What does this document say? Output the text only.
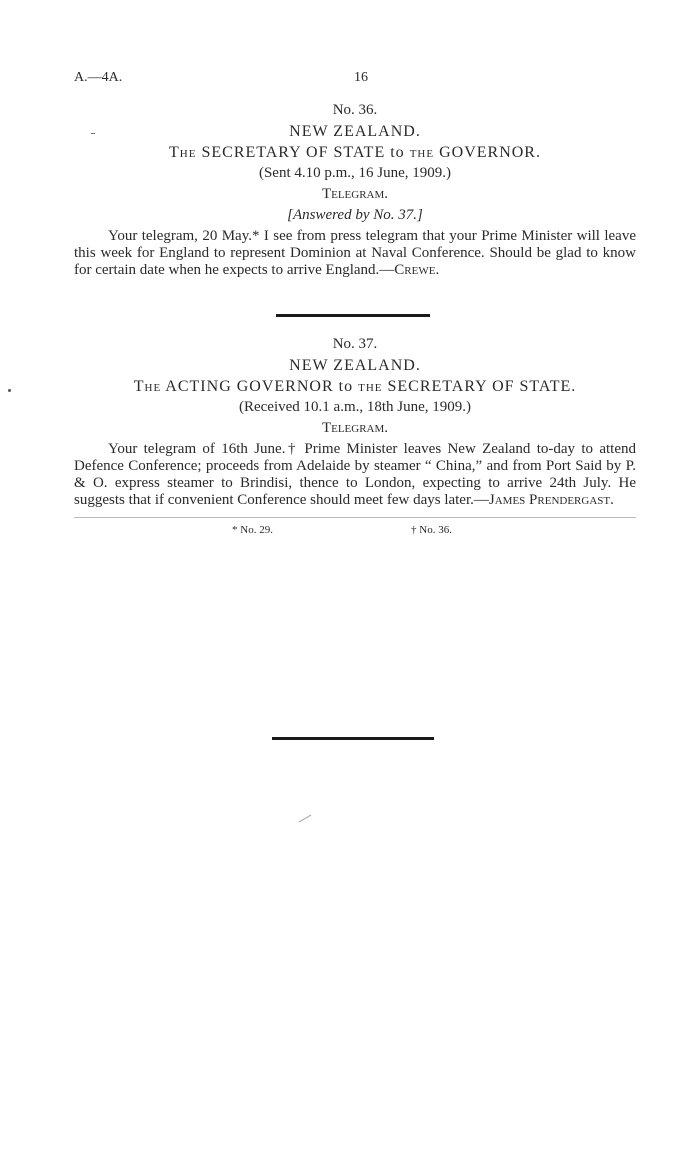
A.—4A.	16
No. 36.
NEW ZEALAND.
The SECRETARY OF STATE to the GOVERNOR.
(Sent 4.10 p.m., 16 June, 1909.)
Telegram.
[Answered by No. 37.]
Your telegram, 20 May.* I see from press telegram that your Prime Minister will leave this week for England to represent Dominion at Naval Conference. Should be glad to know for certain date when he expects to arrive England.—Crewe.
No. 37.
NEW ZEALAND.
The ACTING GOVERNOR to the SECRETARY OF STATE.
(Received 10.1 a.m., 18th June, 1909.)
Telegram.
Your telegram of 16th June.† Prime Minister leaves New Zealand to-day to attend Defence Conference; proceeds from Adelaide by steamer “ China,” and from Port Said by P. & O. express steamer to Brindisi, thence to London, expecting to arrive 24th July. He suggests that if convenient Conference should meet few days later.—James Prendergast.
* No. 29.	† No. 36.
